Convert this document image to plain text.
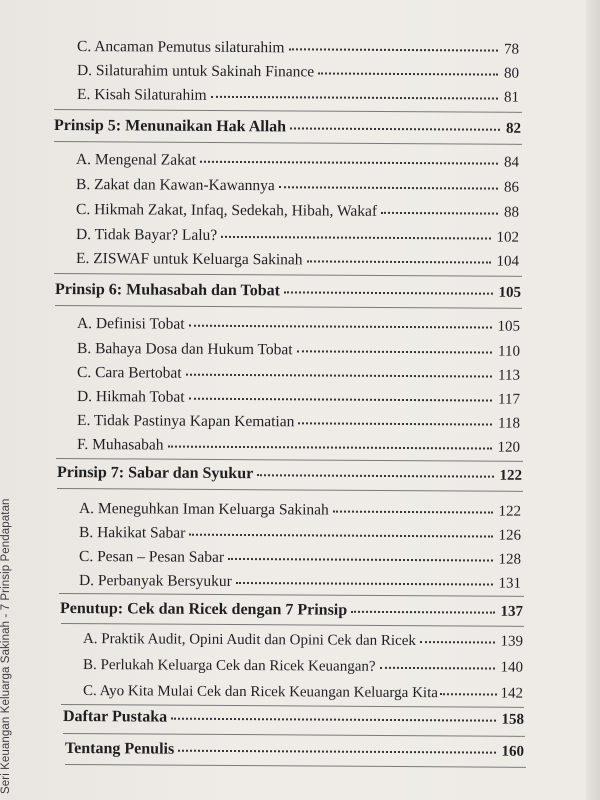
Seri Keuangan Keluarga Sakinah - 7 Prinsip Pendapatan
C. Ancaman Pemutus silaturahim	78
D. Silaturahim untuk Sakinah Finance	80
E. Kisah Silaturahim	81
Prinsip 5: Menunaikan Hak Allah	82
A. Mengenal Zakat	84
B. Zakat dan Kawan-Kawannya	86
C. Hikmah Zakat, Infaq, Sedekah, Hibah, Wakaf	88
D. Tidak Bayar? Lalu?	102
E. ZISWAF untuk Keluarga Sakinah	104
Prinsip 6: Muhasabah dan Tobat	105
A. Definisi Tobat	105
B. Bahaya Dosa dan Hukum Tobat	110
C. Cara Bertobat	113
D. Hikmah Tobat	117
E. Tidak Pastinya Kapan Kematian	118
F. Muhasabah	120
Prinsip 7: Sabar dan Syukur	122
A. Meneguhkan Iman Keluarga Sakinah	122
B. Hakikat Sabar	126
C. Pesan – Pesan Sabar	128
D. Perbanyak Bersyukur	131
Penutup: Cek dan Ricek dengan 7 Prinsip	137
A. Praktik Audit, Opini Audit dan Opini Cek dan Ricek	139
B. Perlukah Keluarga Cek dan Ricek Keuangan?	140
C. Ayo Kita Mulai Cek dan Ricek Keuangan Keluarga Kita	142
Daftar Pustaka	158
Tentang Penulis	160
